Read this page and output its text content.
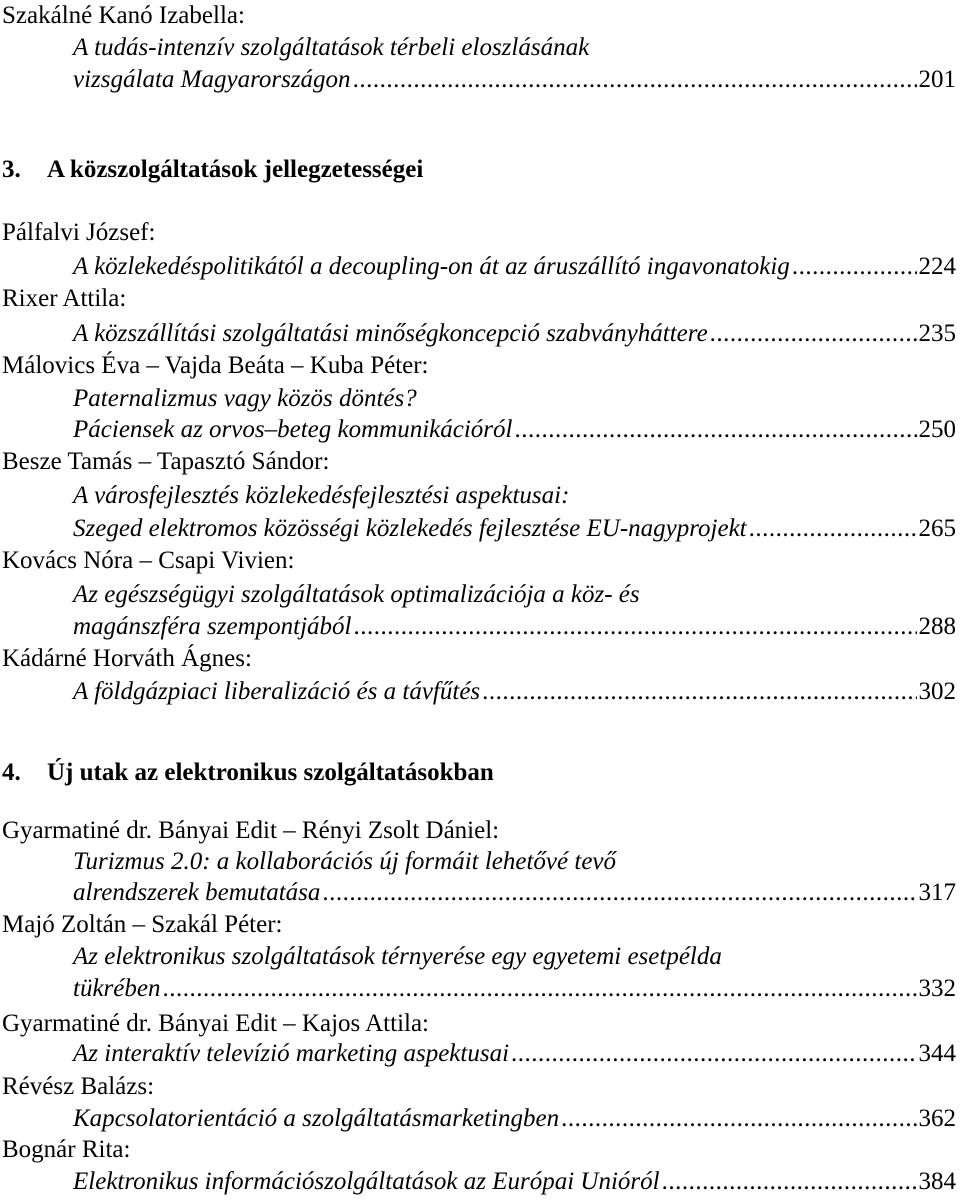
Szakálné Kanó Izabella:
A tudás-intenzív szolgáltatások térbeli eloszlásának
vizsgálata Magyarországon .....	201
3. A közszolgáltatások jellegzetességei
Pálfalvi József:
A közlekedéspolitikától a decoupling-on át az áruszállító ingavonatokig .....	224
Rixer Attila:
A közszállítási szolgáltatási minőségkoncepció szabványháttere .....	235
Málovics Éva – Vajda Beáta – Kuba Péter:
Paternalizmus vagy közös döntés?
Páciensek az orvos–beteg kommunikációról .....	250
Besze Tamás – Tapasztó Sándor:
A városfejlesztés közlekedésfejlesztési aspektusai:
Szeged elektromos közösségi közlekedés fejlesztése EU-nagyprojekt .....	265
Kovács Nóra – Csapi Vivien:
Az egészségügyi szolgáltatások optimalizációja a köz- és
magánszféra szempontjából .....	288
Kádárné Horváth Ágnes:
A földgázpiaci liberalizáció és a távfűtés .....	302
4. Új utak az elektronikus szolgáltatásokban
Gyarmatiné dr. Bányai Edit – Rényi Zsolt Dániel:
Turizmus 2.0: a kollaborációs új formáit lehetővé tevő
alrendszerek bemutatása .....	317
Majó Zoltán – Szakál Péter:
Az elektronikus szolgáltatások térnyerése egy egyetemi esetpélda
tükrében .....	332
Gyarmatiné dr. Bányai Edit – Kajos Attila:
Az interaktív televízió marketing aspektusai .....	344
Révész Balázs:
Kapcsolatorientáció a szolgáltatásmarketingben .....	362
Bognár Rita:
Elektronikus információszolgáltatások az Európai Unióról .....	384
